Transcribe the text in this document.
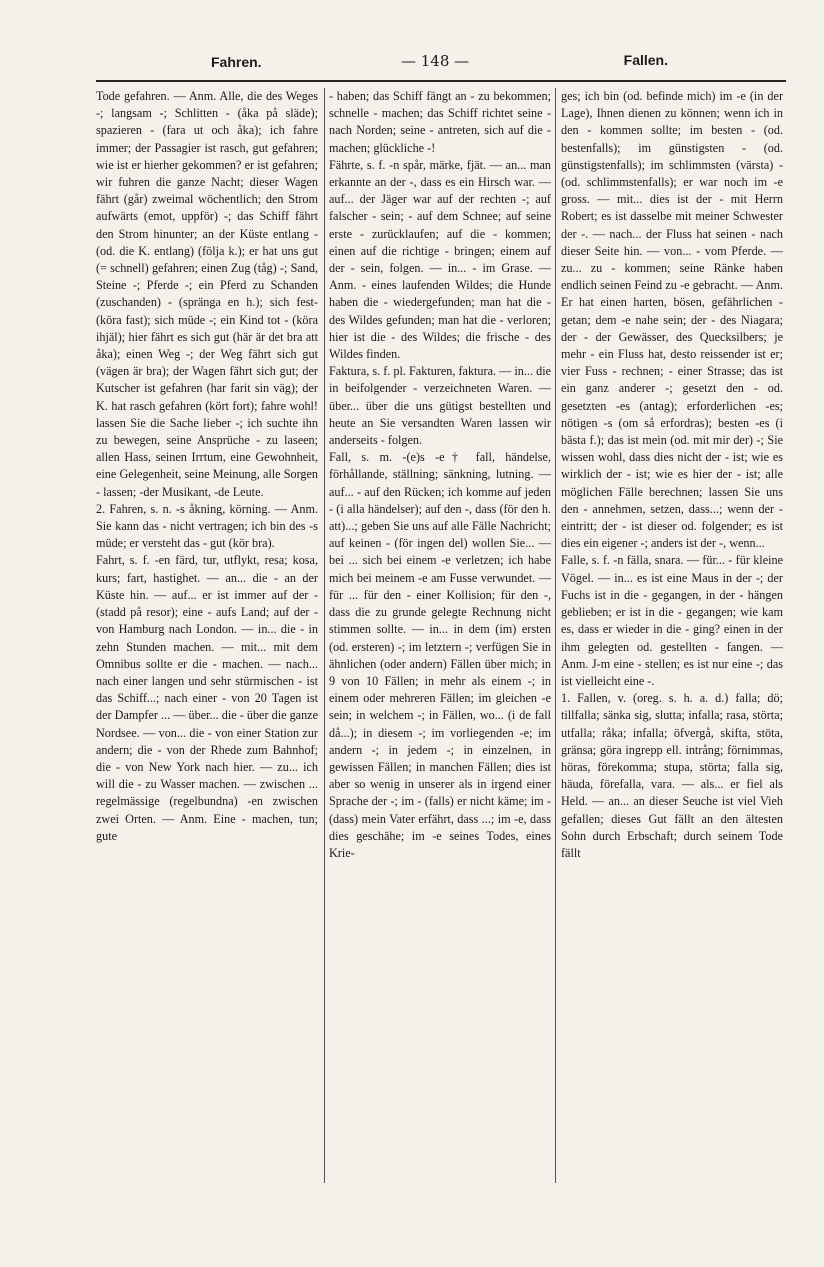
Fahren.	— 148 —	Fallen.

Tode gefahren. — Anm. Alle, die des Weges -; langsam -; Schlitten - (åka på släde); spazieren - (fara ut och åka); ich fahre immer; der Passagier ist rasch, gut gefahren; wie ist er hierher gekommen? er ist gefahren; wir fuhren die ganze Nacht; dieser Wagen fährt (går) zweimal wöchentlich; den Strom aufwärts (emot, uppför) -; das Schiff fährt den Strom hinunter; an der Küste entlang - (od. die K. entlang) (följa k.); er hat uns gut (= schnell) gefahren; einen Zug (tåg) -; Sand, Steine -; Pferde -; ein Pferd zu Schanden (zuschanden) - (spränga en h.); sich fest- (köra fast); sich müde -; ein Kind tot - (köra ihjäl); hier fährt es sich gut (här är det bra att åka); einen Weg -; der Weg fährt sich gut (vägen är bra); der Wagen fährt sich gut; der Kutscher ist gefahren (har farit sin väg); der K. hat rasch gefahren (kört fort); fahre wohl! lassen Sie die Sache lieber -; ich suchte ihn zu bewegen, seine Ansprüche - zu laseen; allen Hass, seinen Irrtum, eine Gewohnheit, eine Gelegenheit, seine Meinung, alle Sorgen - lassen; -der Musikant, -de Leute.

2. Fahren, s. n. -s åkning, körning. — Anm. Sie kann das - nicht vertragen; ich bin des -s müde; er versteht das - gut (kör bra).

Fahrt, s. f. -en färd, tur, utflykt, resa; kosa, kurs; fart, hastighet. — an... die - an der Küste hin. — auf... er ist immer auf der - (stadd på resor); eine - aufs Land; auf der - von Hamburg nach London. — in... die - in zehn Stunden machen. — mit... mit dem Omnibus sollte er die - machen. — nach... nach einer langen und sehr stürmischen - ist das Schiff...; nach einer - von 20 Tagen ist der Dampfer ... — über... die - über die ganze Nordsee. — von... die - von einer Station zur andern; die - von der Rhede zum Bahnhof; die - von New York nach hier. — zu... ich will die - zu Wasser machen. — zwischen ... regelmässige (regelbundna) -en zwischen zwei Orten. — Anm. Eine - machen, tun; gute

- haben; das Schiff fängt an - zu bekommen; schnelle - machen; das Schiff richtet seine - nach Norden; seine - antreten, sich auf die - machen; glückliche -!

Fährte, s. f. -n spår, märke, fjät. — an... man erkannte an der -, dass es ein Hirsch war. — auf... der Jäger war auf der rechten -; auf falscher - sein; - auf dem Schnee; auf seine erste - zurücklaufen; auf die - kommen; einen auf die richtige - bringen; einem auf der - sein, folgen. — in... - im Grase. — Anm. - eines laufenden Wildes; die Hunde haben die - wiedergefunden; man hat die - des Wildes gefunden; man hat die - verloren; hier ist die - des Wildes; die frische - des Wildes finden.

Faktura, s. f. pl. Fakturen, faktura. — in... die in beifolgender - verzeichneten Waren. — über... über die uns gütigst bestellten und heute an Sie versandten Waren lassen wir anderseits - folgen.

Fall, s. m. -(e)s -e† fall, händelse, förhållande, ställning; sänkning, lutning. — auf... - auf den Rücken; ich komme auf jeden - (i alla händelser); auf den -, dass (för den h. att)...; geben Sie uns auf alle Fälle Nachricht; auf keinen - (för ingen del) wollen Sie... — bei ... sich bei einem -e verletzen; ich habe mich bei meinem -e am Fusse verwundet. — für ... für den - einer Kollision; für den -, dass die zu grunde gelegte Rechnung nicht stimmen sollte. — in... in dem (im) ersten (od. ersteren) -; im letztern -; verfügen Sie in ähnlichen (oder andern) Fällen über mich; in 9 von 10 Fällen; in mehr als einem -; in einem oder mehreren Fällen; im gleichen -e sein; in welchem -; in Fällen, wo... (i de fall då...); in diesem -; im vorliegenden -e; im andern -; in jedem -; in einzelnen, in gewissen Fällen; in manchen Fällen; dies ist aber so wenig in unserer als in irgend einer Sprache der -; im - (falls) er nicht käme; im - (dass) mein Vater erfährt, dass ...; im -e, dass dies geschähe; im -e seines Todes, eines Krie-

ges; ich bin (od. befinde mich) im -e (in der Lage), Ihnen dienen zu können; wenn ich in den - kommen sollte; im besten - (od. bestenfalls); im günstigsten - (od. günstigstenfalls); im schlimmsten (värsta) - (od. schlimmstenfalls); er war noch im -e gross. — mit... dies ist der - mit Herrn Robert; es ist dasselbe mit meiner Schwester der -. — nach... der Fluss hat seinen - nach dieser Seite hin. — von... - vom Pferde. — zu... zu - kommen; seine Ränke haben endlich seinen Feind zu -e gebracht. — Anm. Er hat einen harten, bösen, gefährlichen - getan; dem -e nahe sein; der - des Niagara; der - der Gewässer, des Quecksilbers; je mehr - ein Fluss hat, desto reissender ist er; vier Fuss - rechnen; - einer Strasse; das ist ein ganz anderer -; gesetzt den - od. gesetzten -es (antag); erforderlichen -es; nötigen -s (om så erfordras); besten -es (i bästa f.); das ist mein (od. mit mir der) -; Sie wissen wohl, dass dies nicht der - ist; wie es wirklich der - ist; wie es hier der - ist; alle möglichen Fälle berechnen; lassen Sie uns den - annehmen, setzen, dass...; wenn der - eintritt; der - ist dieser od. folgender; es ist dies ein eigener -; anders ist der -, wenn...

Falle, s. f. -n fälla, snara. — für... - für kleine Vögel. — in... es ist eine Maus in der -; der Fuchs ist in die - gegangen, in der - hängen geblieben; er ist in die - gegangen; wie kam es, dass er wieder in die - ging? einen in der ihm gelegten od. gestellten - fangen. — Anm. J-m eine - stellen; es ist nur eine -; das ist vielleicht eine -.

1. Fallen, v. (oreg. s. h. a. d.) falla; dö; tillfalla; sänka sig, slutta; infalla; rasa, störta; utfalla; råka; infalla; öfvergå, skifta, stöta, gränsa; göra ingrepp ell. intrång; förnimmas, höras, förekomma; stupa, störta; falla sig, häuda, förefalla, vara. — als... er fiel als Held. — an... an dieser Seuche ist viel Vieh gefallen; dieses Gut fällt an den ältesten Sohn durch Erbschaft; durch seinem Tode fällt
